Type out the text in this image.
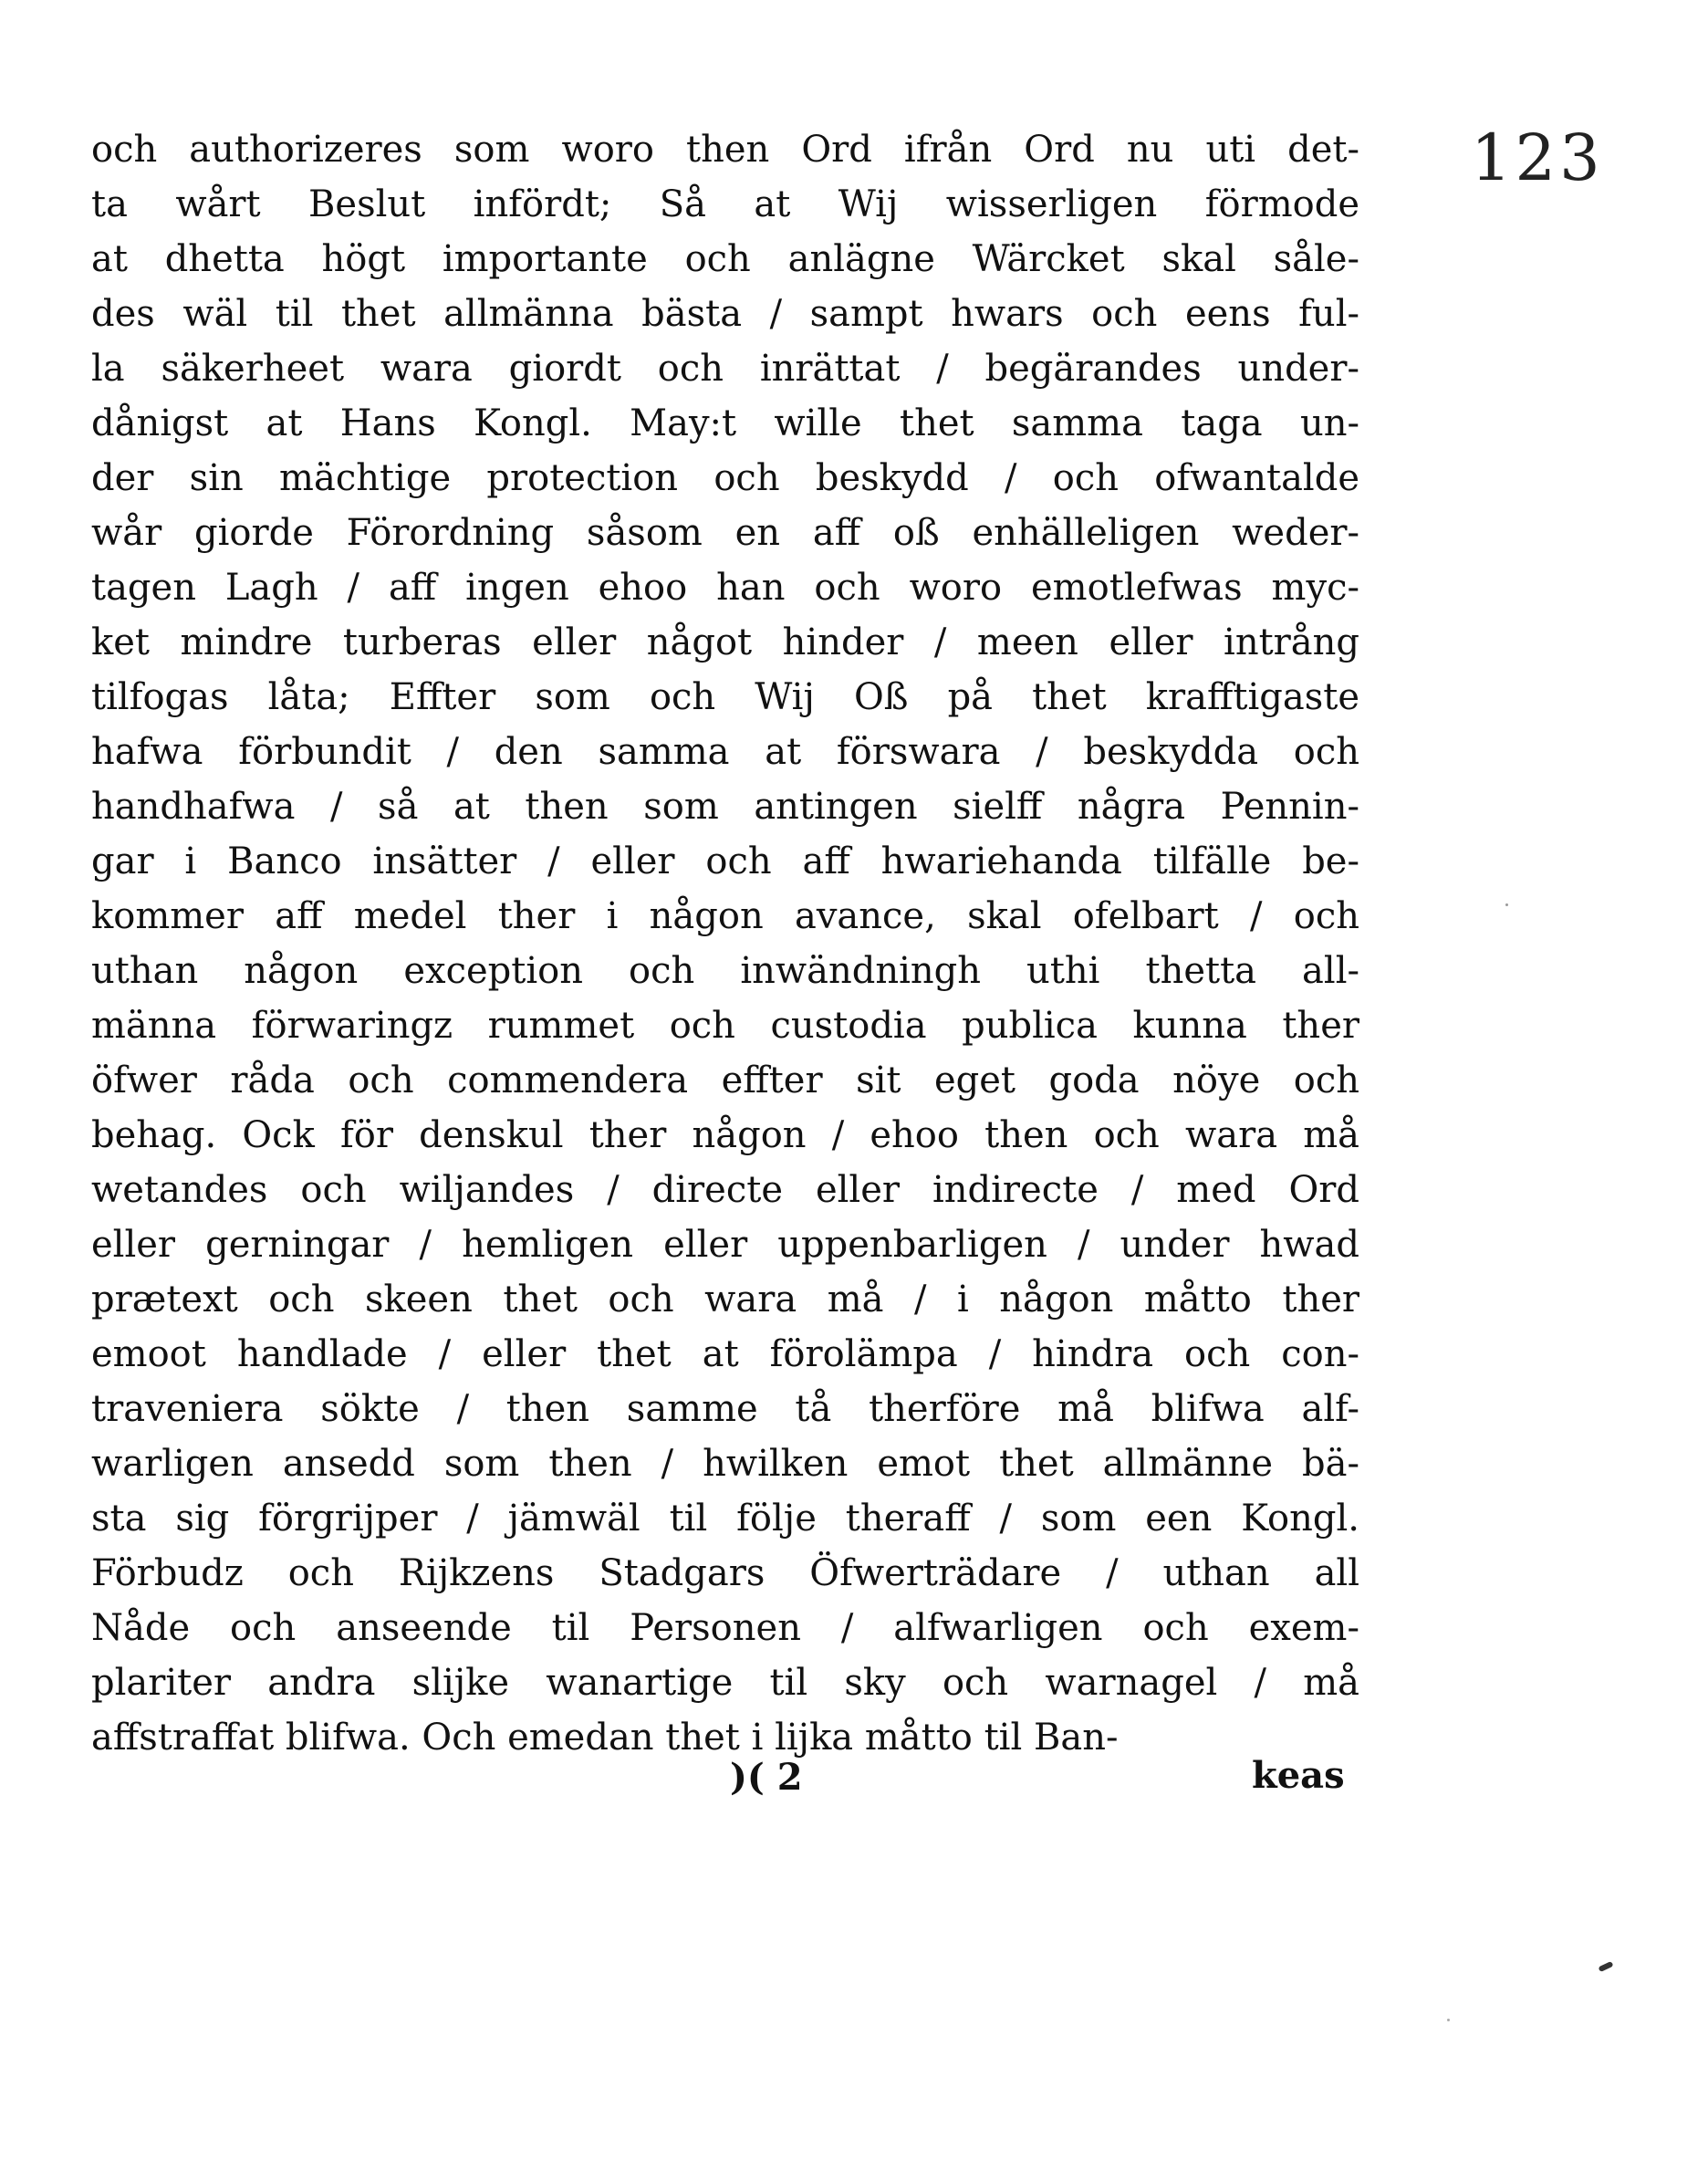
123
och authorizeres som woro then Ord ifrån Ord nu uti det-
ta wårt Beslut infördt; Så at Wij wisserligen förmode
at dhetta högt importante och anlägne Wärcket skal såle-
des wäl til thet allmänna bästa / sampt hwars och eens ful-
la säkerheet wara giordt och inrättat / begärandes under-
dånigst at Hans Kongl. May:t wille thet samma taga un-
der sin mächtige protection och beskydd / och ofwantalde
wår giorde Förordning såsom en aff oß enhälleligen weder-
tagen Lagh / aff ingen ehoo han och woro emotlefwas myc-
ket mindre turberas eller något hinder / meen eller intrång
tilfogas låta; Effter som och Wij Oß på thet krafftigaste
hafwa förbundit / den samma at förswara / beskydda och
handhafwa / så at then som antingen sielff några Pennin-
gar i Banco insätter / eller och aff hwariehanda tilfälle be-
kommer aff medel ther i någon avance, skal ofelbart / och
uthan någon exception och inwändningh uthi thetta all-
männa förwaringz rummet och custodia publica kunna ther
öfwer råda och commendera effter sit eget goda nöye och
behag. Ock för denskul ther någon / ehoo then och wara må
wetandes och wiljandes / directe eller indirecte / med Ord
eller gerningar / hemligen eller uppenbarligen / under hwad
prætext och skeen thet och wara må / i någon måtto ther
emoot handlade / eller thet at förolämpa / hindra och con-
traveniera sökte / then samme tå therföre må blifwa alf-
warligen ansedd som then / hwilken emot thet allmänne bä-
sta sig förgrijper / jämwäl til följe theraff / som een Kongl.
Förbudz och Rijkzens Stadgars Öfwerträdare / uthan all
Nåde och anseende til Personen / alfwarligen och exem-
plariter andra slijke wanartige til sky och warnagel / må
affstraffat blifwa. Och emedan thet i lijka måtto til Ban-
)( 2	keas
